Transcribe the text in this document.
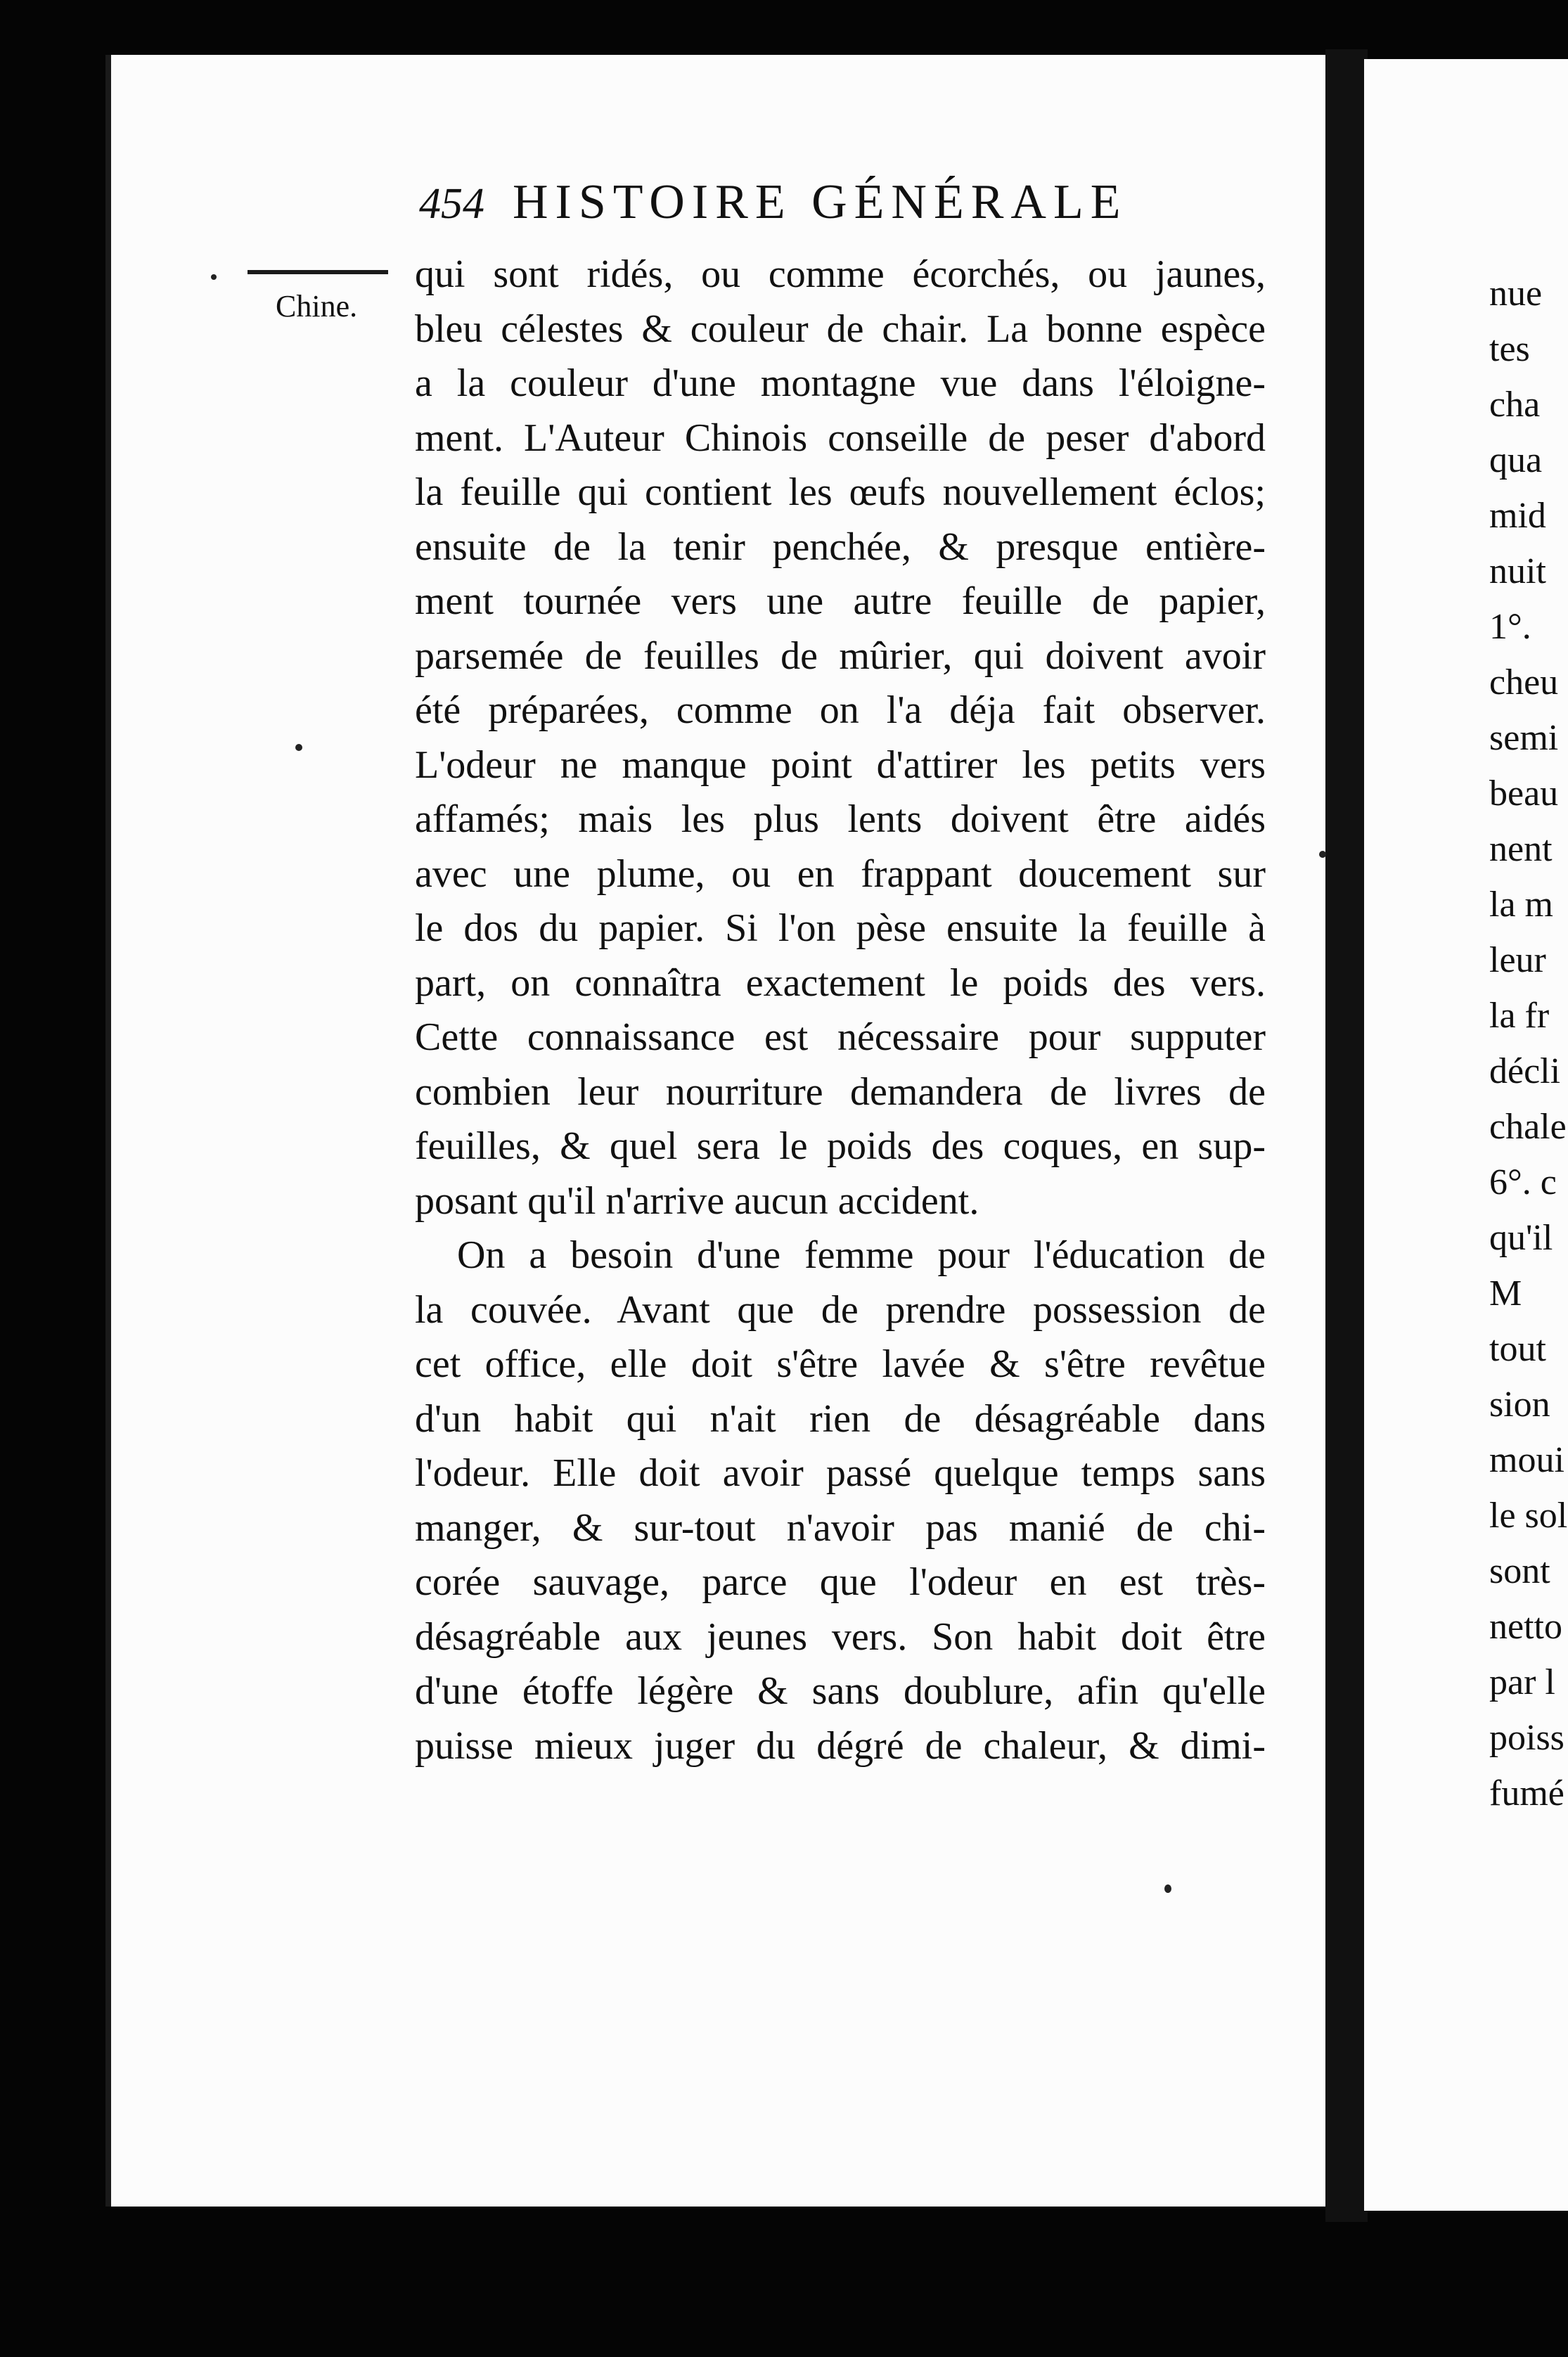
454 HISTOIRE GÉNÉRALE
Chine.
qui sont ridés, ou comme écorchés, ou jaunes,
bleu célestes & couleur de chair. La bonne espèce
a la couleur d'une montagne vue dans l'éloigne-
ment. L'Auteur Chinois conseille de peser d'abord
la feuille qui contient les œufs nouvellement éclos;
ensuite de la tenir penchée, & presque entière-
ment tournée vers une autre feuille de papier,
parsemée de feuilles de mûrier, qui doivent avoir
été préparées, comme on l'a déja fait observer.
L'odeur ne manque point d'attirer les petits vers
affamés; mais les plus lents doivent être aidés
avec une plume, ou en frappant doucement sur
le dos du papier. Si l'on pèse ensuite la feuille à
part, on connaîtra exactement le poids des vers.
Cette connaissance est nécessaire pour supputer
combien leur nourriture demandera de livres de
feuilles, & quel sera le poids des coques, en sup-
posant qu'il n'arrive aucun accident.
On a besoin d'une femme pour l'éducation de
la couvée. Avant que de prendre possession de
cet office, elle doit s'être lavée & s'être revêtue
d'un habit qui n'ait rien de désagréable dans
l'odeur. Elle doit avoir passé quelque temps sans
manger, & sur-tout n'avoir pas manié de chi-
corée sauvage, parce que l'odeur en est très-
désagréable aux jeunes vers. Son habit doit être
d'une étoffe légère & sans doublure, afin qu'elle
puisse mieux juger du dégré de chaleur, & dimi-
nue
tes
cha
qua
mid
nuit
1°.
cheu
semi
beau
nent
la m
leur
la fr
décli
chale
6°. c
qu'il
M
tout
sion
moui
le sol
sont
netto
par l
poiss
fumé
